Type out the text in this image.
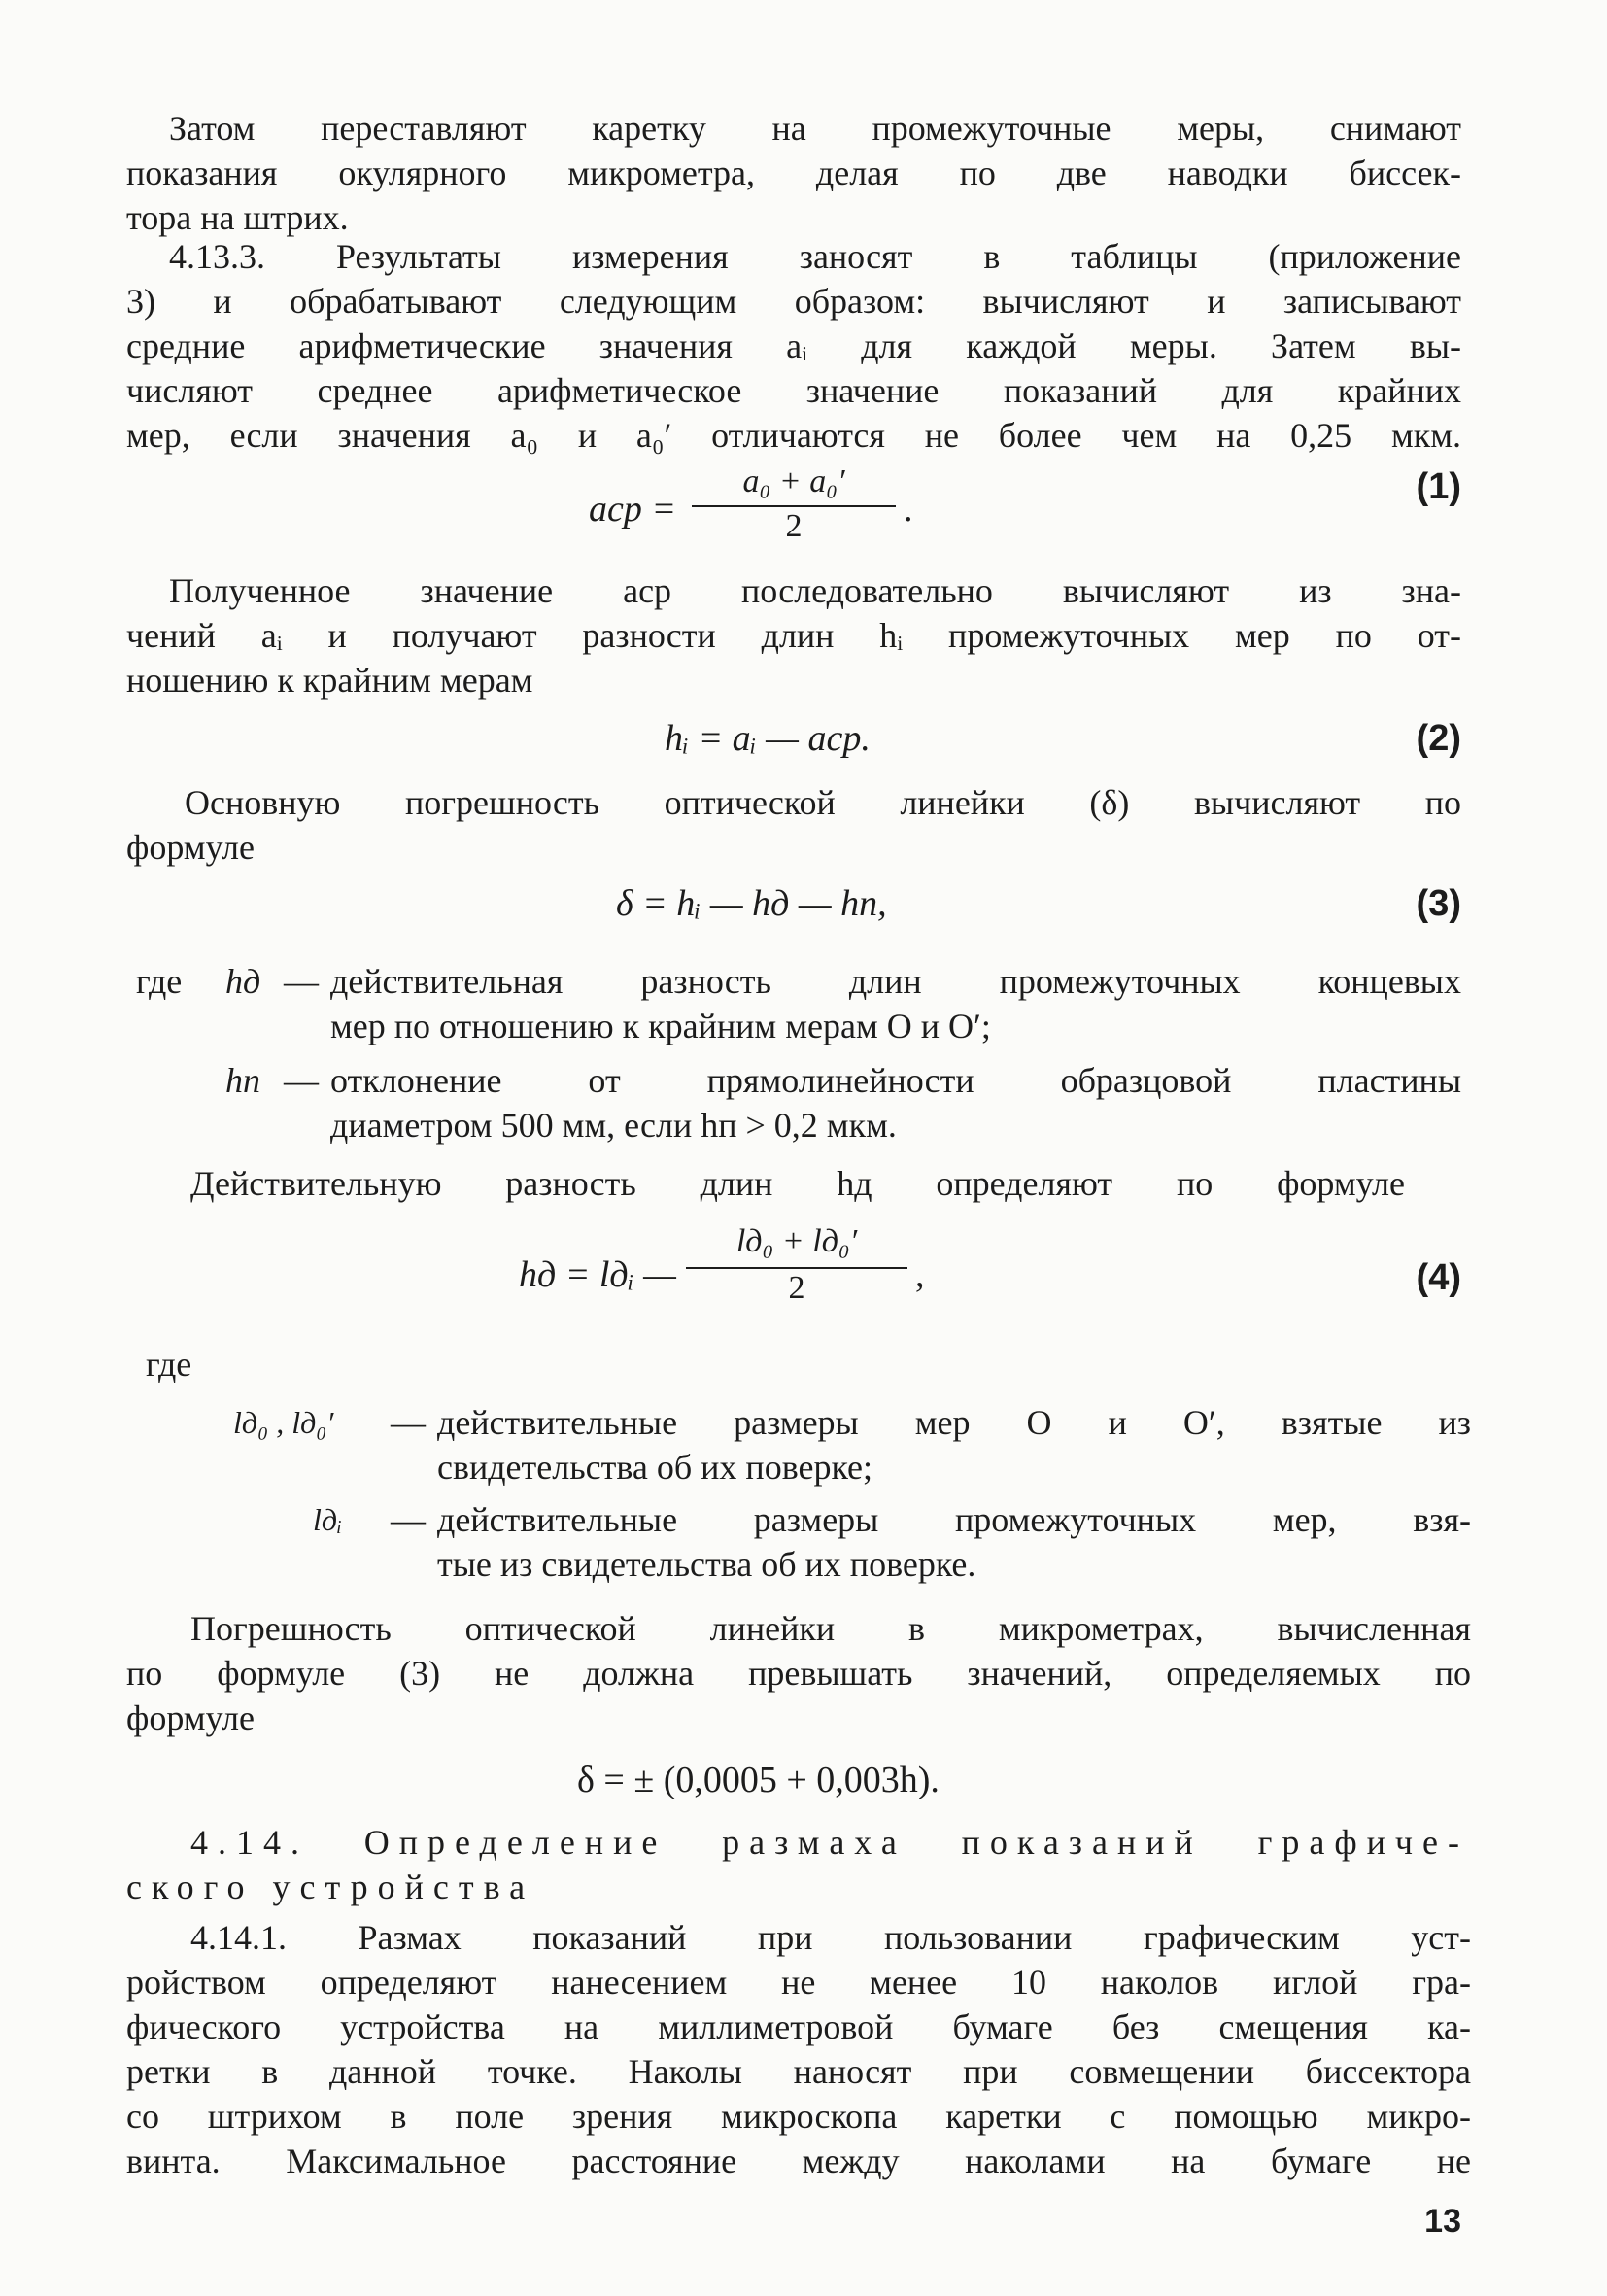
Затом переставляют каретку на промежуточные меры, снимают

показания окулярного микрометра, делая по две наводки биссек-

тора на штрих.

4.13.3. Результаты измерения заносят в таблицы (приложение

3) и обрабатывают следующим образом: вычисляют и записывают

средние арифметические значения aᵢ для каждой меры. Затем вы-

числяют среднее арифметическое значение показаний для крайних

мер, если значения a₀ и a₀′ отличаются не более чем на 0,25 мкм.

aср =
a₀ + a₀′
2	.
(1)

Полученное значение aср последовательно вычисляют из зна-

чений aᵢ и получают разности длин hᵢ промежуточных мер по от-

ношению к крайним мерам

hᵢ = aᵢ — aср.	(2)

Основную погрешность оптической линейки (δ) вычисляют по

формуле

δ = hᵢ — hд — hп,	(3)

где hд — действительная разность длин промежуточных концевых

мер по отношению к крайним мерам O и O′;

hп — отклонение от прямолинейности образцовой пластины

диаметром 500 мм, если hп > 0,2 мкм.

Действительную разность длин hд определяют по формуле

hд = lдᵢ —
lд₀ + lд₀′
2	,	(4)

где

lд₀ , lд₀′ — действительные размеры мер O и O′, взятые из

свидетельства об их поверке;

lдᵢ — действительные размеры промежуточных мер, взя-

тые из свидетельства об их поверке.

Погрешность оптической линейки в микрометрах, вычисленная

по формуле (3) не должна превышать значений, определяемых по

формуле

δ = ± (0,0005 + 0,003h).

4.14. Определение размаха показаний графиче-

ского устройства

4.14.1. Размах показаний при пользовании графическим уст-

ройством определяют нанесением не менее 10 наколов иглой гра-

фического устройства на миллиметровой бумаге без смещения ка-

ретки в данной точке. Наколы наносят при совмещении биссектора

со штрихом в поле зрения микроскопа каретки с помощью микро-

винта. Максимальное расстояние между наколами на бумаге не

13
